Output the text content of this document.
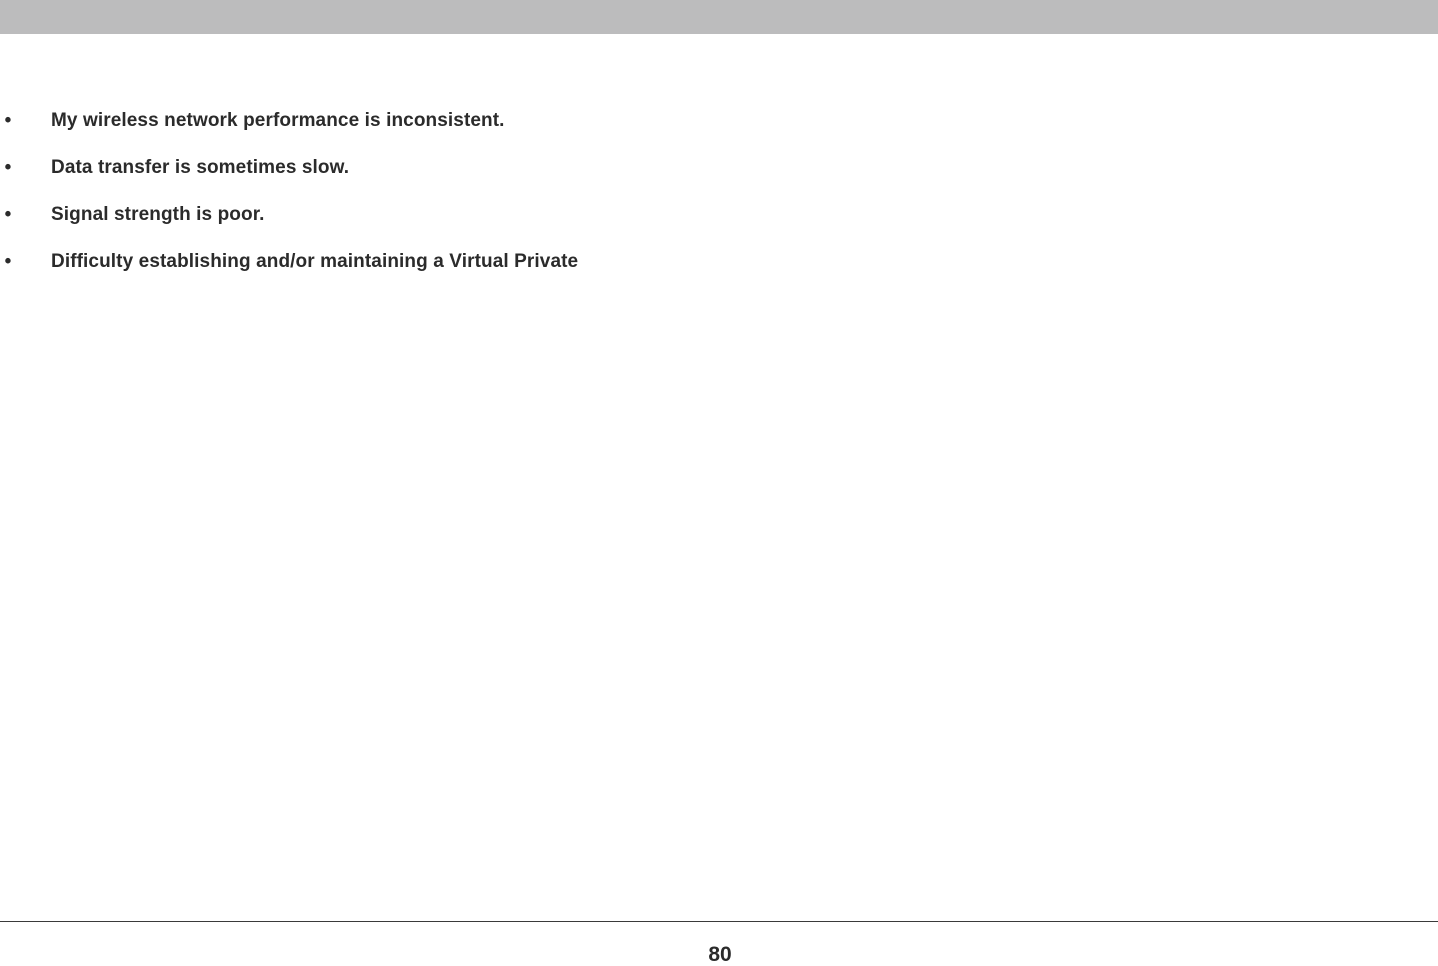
• My wireless network performance is inconsistent.
• Data transfer is sometimes slow.
• Signal strength is poor.
• Difficulty establishing and/or maintaining a Virtual Private
80
